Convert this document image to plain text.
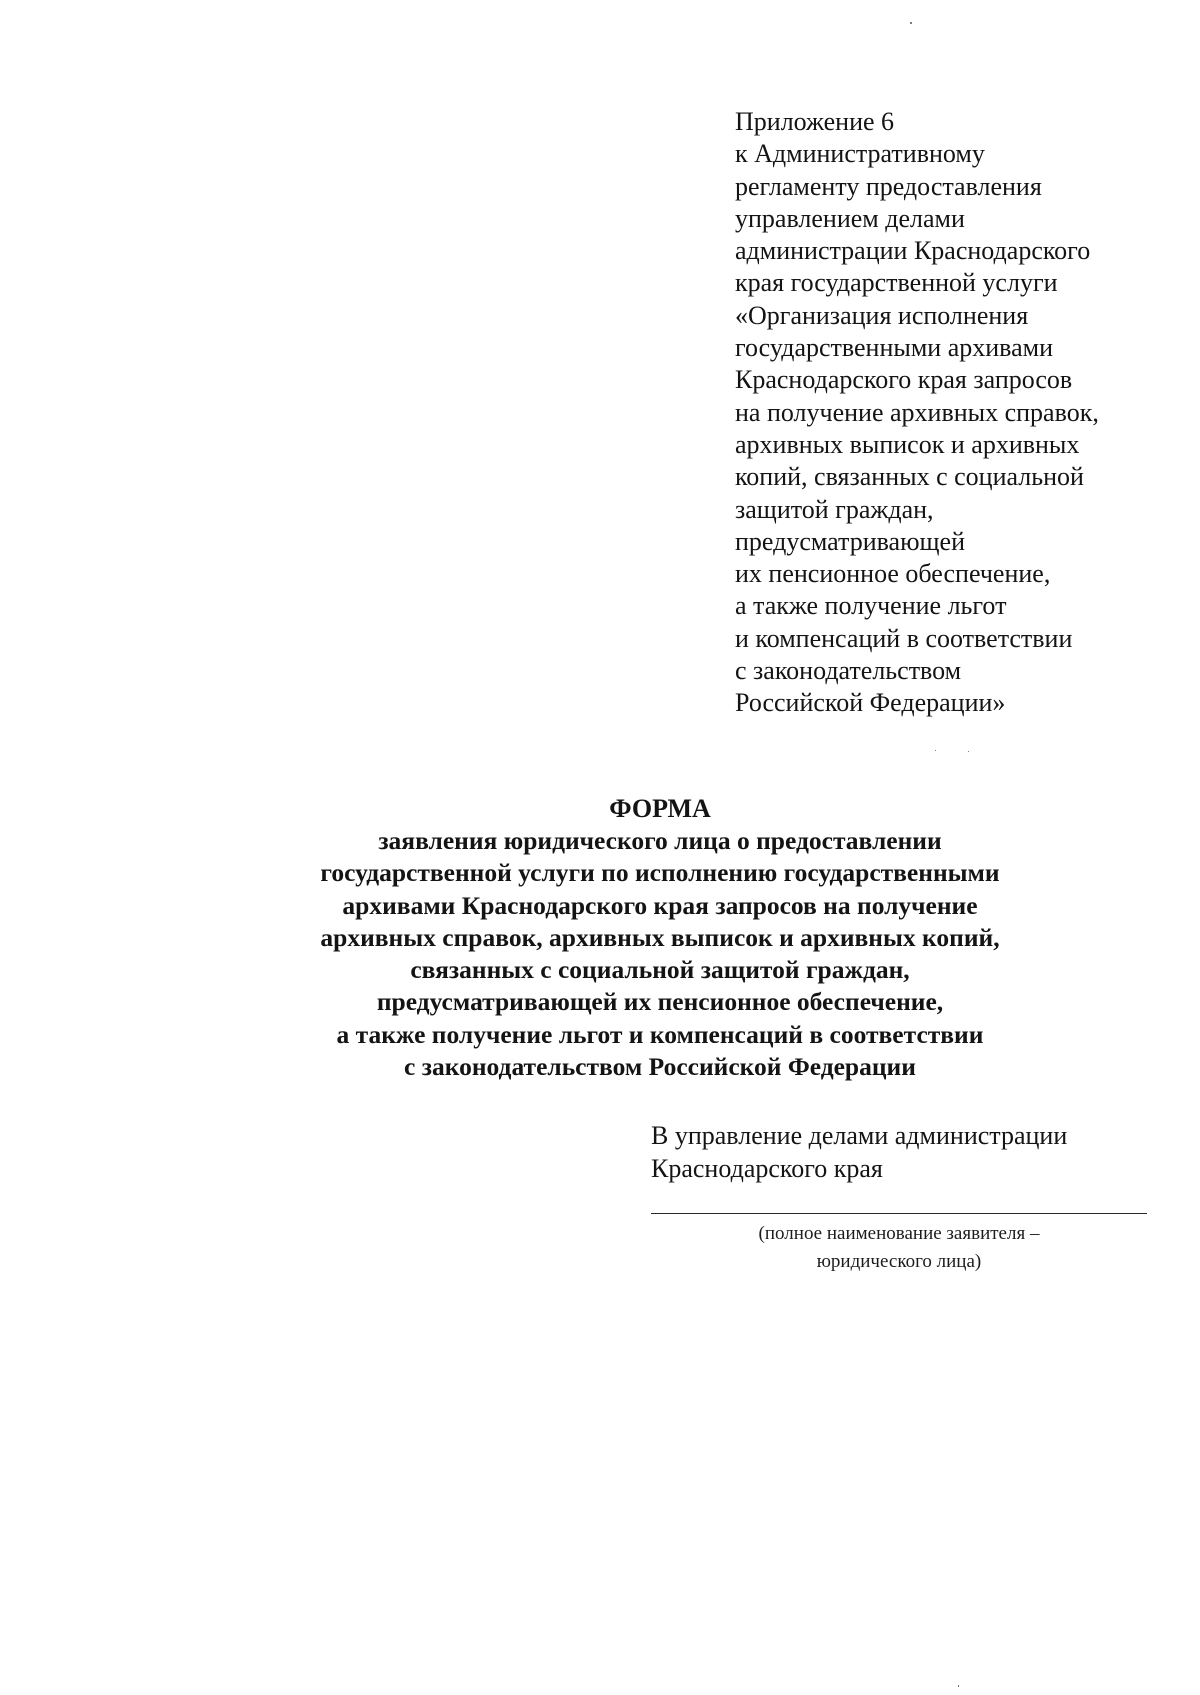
Приложение 6
к Административному
регламенту предоставления
управлением делами
администрации Краснодарского
края государственной услуги
«Организация исполнения
государственными архивами
Краснодарского края запросов
на получение архивных справок,
архивных выписок и архивных
копий, связанных с социальной
защитой граждан,
предусматривающей
их пенсионное обеспечение,
а также получение льгот
и компенсаций в соответствии
с законодательством
Российской Федерации»
ФОРМА
заявления юридического лица о предоставлении
государственной услуги по исполнению государственными
архивами Краснодарского края запросов на получение
архивных справок, архивных выписок и архивных копий,
связанных с социальной защитой граждан,
предусматривающей их пенсионное обеспечение,
а также получение льгот и компенсаций в соответствии
с законодательством Российской Федерации
В управление делами администрации
Краснодарского края
(полное наименование заявителя –
юридического лица)
